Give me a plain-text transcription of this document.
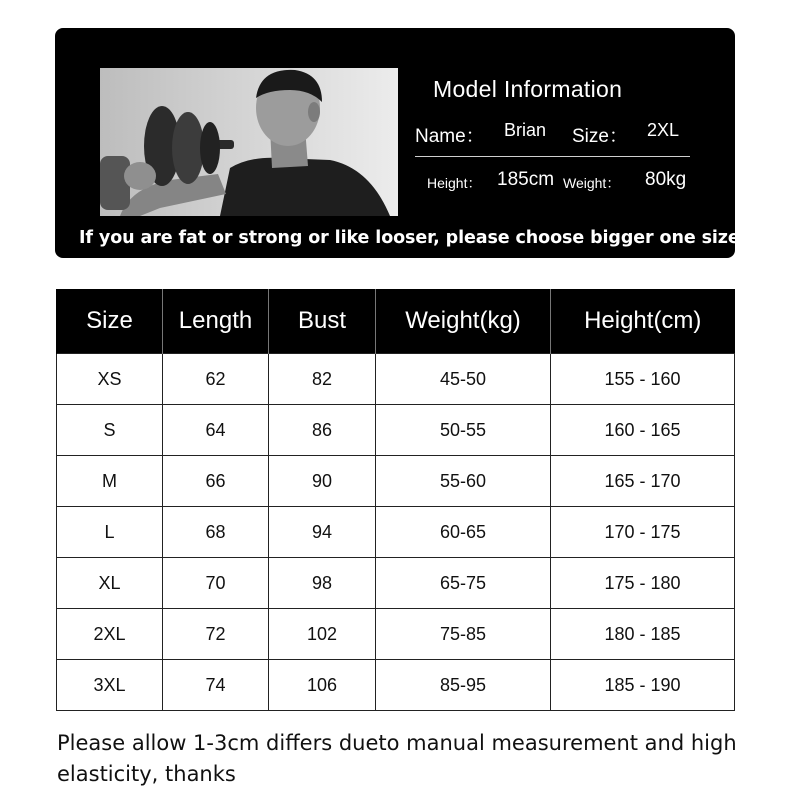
Model Information
Name： Brian Size： 2XL
Height： 185cm Weight： 80kg
If you are fat or strong or like looser, please choose bigger one size
Size	Length	Bust	Weight(kg)	Height(cm)
XS	62	82	45-50	155 - 160
S	64	86	50-55	160 - 165
M	66	90	55-60	165 - 170
L	68	94	60-65	170 - 175
XL	70	98	65-75	175 - 180
2XL	72	102	75-85	180 - 185
3XL	74	106	85-95	185 - 190
Please allow 1-3cm differs dueto manual measurement and high elasticity, thanks
